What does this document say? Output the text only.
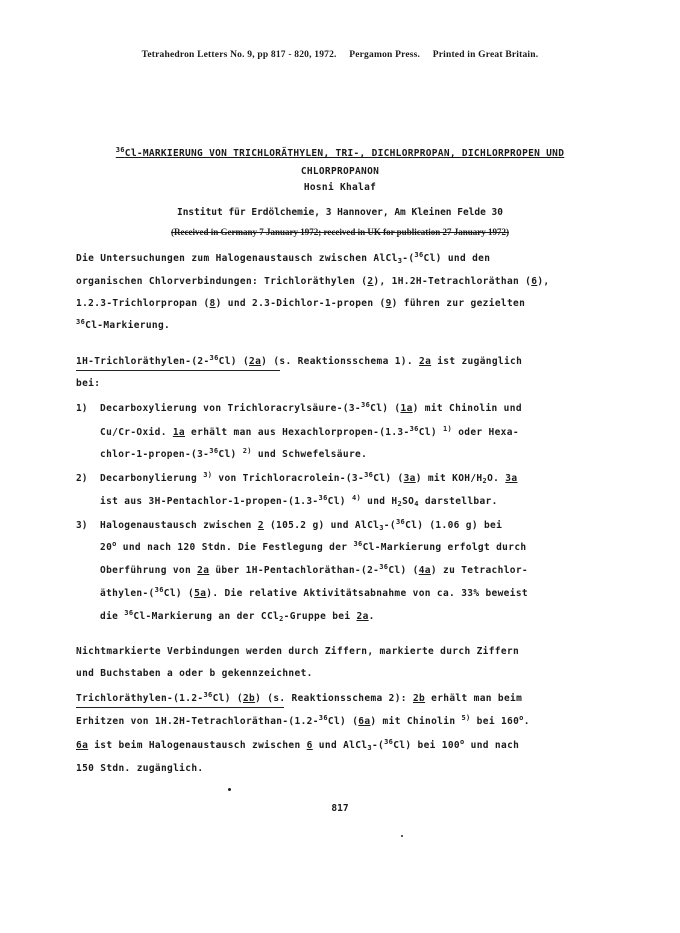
Tetrahedron Letters No. 9, pp 817 - 820, 1972. Pergamon Press. Printed in Great Britain.
$^{36}$Cl-MARKIERUNG VON TRICHLORÄTHYLEN, TRI-, DICHLORPROPAN, DICHLORPROPEN UND
CHLORPROPANON
Hosni Khalaf
Institut für Erdölchemie, 3 Hannover, Am Kleinen Felde 30
(Received in Germany 7 January 1972; received in UK for publication 27 January 1972)
Die Untersuchungen zum Halogenaustausch zwischen AlCl$_3$-($^{36}$Cl) und den
organischen Chlorverbindungen: Trichloräthylen (2), 1H.2H-Tetrachloräthan (6),
1.2.3-Trichlorpropan (8) und 2.3-Dichlor-1-propen (9) führen zur gezielten
$^{36}$Cl-Markierung.
1H-Trichloräthylen-(2-$^{36}$Cl) (2a) (s. Reaktionsschema 1). 2a ist zugänglich
bei:
1) Decarboxylierung von Trichloracrylsäure-(3-$^{36}$Cl) (1a) mit Chinolin und
Cu/Cr-Oxid. 1a erhält man aus Hexachlorpropen-(1.3-$^{36}$Cl) $^{1)}$ oder Hexa-
chlor-1-propen-(3-$^{36}$Cl) $^{2)}$ und Schwefelsäure.
2) Decarbonylierung $^{3)}$ von Trichloracrolein-(3-$^{36}$Cl) (3a) mit KOH/$H_2O$. 3a
ist aus 3H-Pentachlor-1-propen-(1.3-$^{36}$Cl) $^{4)}$ und $H_2SO_4$ darstellbar.
3) Halogenaustausch zwischen 2 (105.2 g) und AlCl$_3$-($^{36}$Cl) (1.06 g) bei
20$^o$ und nach 120 Stdn. Die Festlegung der $^{36}$Cl-Markierung erfolgt durch
Oberführung von 2a über 1H-Pentachloräthan-(2-$^{36}$Cl) (4a) zu Tetrachlor-
äthylen-($^{36}$Cl) (5a). Die relative Aktivitätsabnahme von ca. 33% beweist
die $^{36}$Cl-Markierung an der CCl$_2$-Gruppe bei 2a.
Nichtmarkierte Verbindungen werden durch Ziffern, markierte durch Ziffern
und Buchstaben a oder b gekennzeichnet.
Trichloräthylen-(1.2-$^{36}$Cl) (2b) (s. Reaktionsschema 2): 2b erhält man beim
Erhitzen von 1H.2H-Tetrachloräthan-(1.2-$^{36}$Cl) (6a) mit Chinolin $^{5)}$ bei 160$^o$.
6a ist beim Halogenaustausch zwischen 6 und AlCl$_3$-($^{36}$Cl) bei 100$^o$ und nach
150 Stdn. zugänglich.
817
